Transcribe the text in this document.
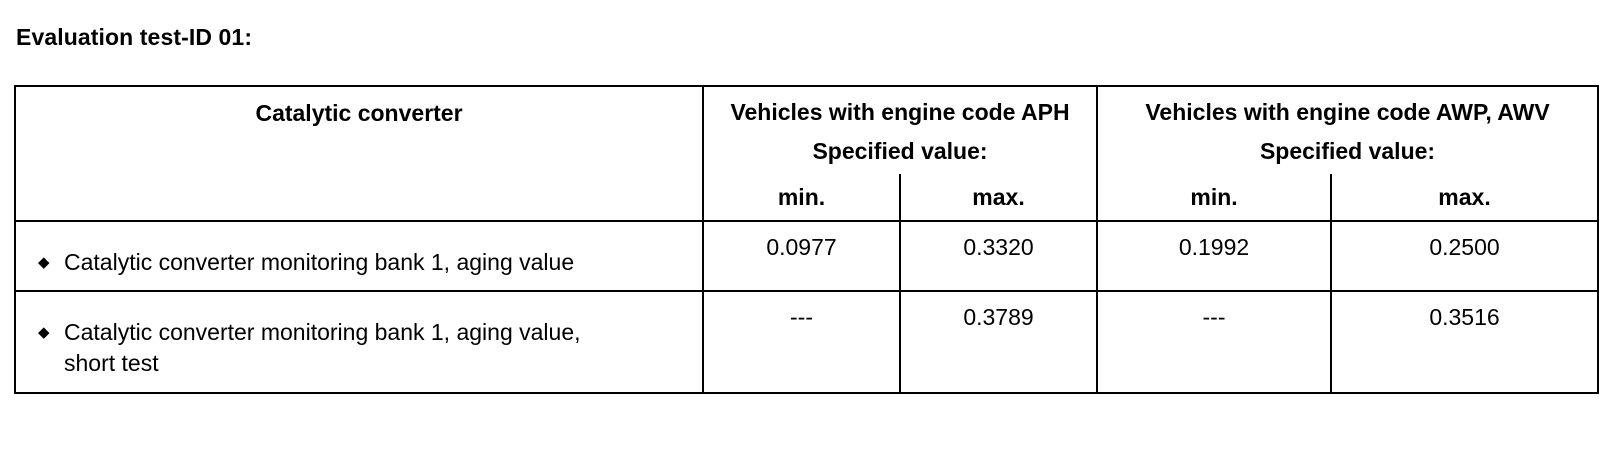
Evaluation test-ID 01:
Catalytic converter	Vehicles with engine code APH		Vehicles with engine code AWP, AWV	
	Specified value:		Specified value:	
	min.	max.	min.	max.

◆ Catalytic converter monitoring bank 1, aging value	0.0977	0.3320	0.1992	0.2500

◆ Catalytic converter monitoring bank 1, aging value, short test	---	0.3789	---	0.3516
